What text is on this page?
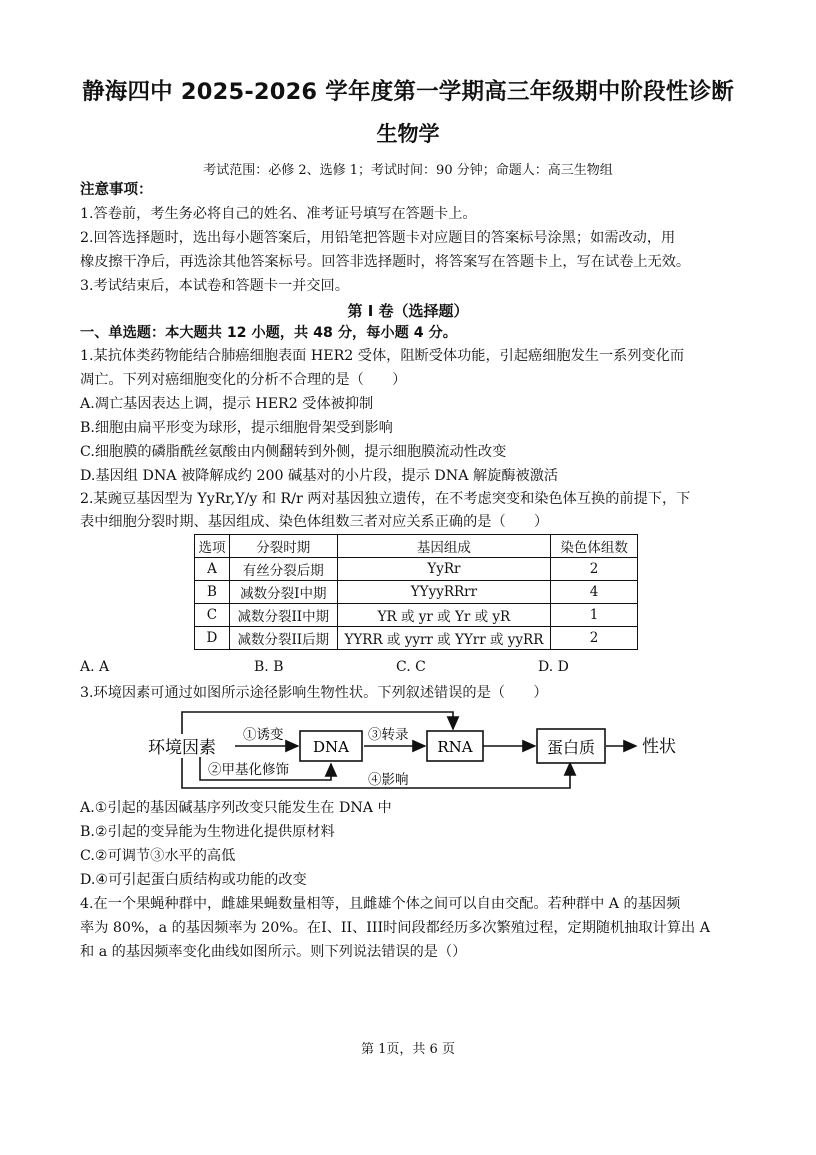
静海四中 2025-2026 学年度第一学期高三年级期中阶段性诊断
生物学
考试范围：必修 2、选修 1；考试时间：90 分钟；命题人：高三生物组
注意事项：
1.答卷前，考生务必将自己的姓名、准考证号填写在答题卡上。
2.回答选择题时，选出每小题答案后，用铅笔把答题卡对应题目的答案标号涂黑；如需改动，用
橡皮擦干净后，再选涂其他答案标号。回答非选择题时，将答案写在答题卡上，写在试卷上无效。
3.考试结束后，本试卷和答题卡一并交回。
第 I 卷（选择题）
一、单选题：本大题共 12 小题，共 48 分，每小题 4 分。
1.某抗体类药物能结合肺癌细胞表面 HER2 受体，阻断受体功能，引起癌细胞发生一系列变化而
凋亡。下列对癌细胞变化的分析不合理的是（　　）
A.凋亡基因表达上调，提示 HER2 受体被抑制
B.细胞由扁平形变为球形，提示细胞骨架受到影响
C.细胞膜的磷脂酰丝氨酸由内侧翻转到外侧，提示细胞膜流动性改变
D.基因组 DNA 被降解成约 200 碱基对的小片段，提示 DNA 解旋酶被激活
2.某豌豆基因型为 YyRr,Y/y 和 R/r 两对基因独立遗传，在不考虑突变和染色体互换的前提下，下
表中细胞分裂时期、基因组成、染色体组数三者对应关系正确的是（　　）
选项	分裂时期	基因组成	染色体组数
A	有丝分裂后期	YyRr	2
B	减数分裂I中期	YYyyRRrr	4
C	减数分裂II中期	YR 或 yr 或 Yr 或 yR	1
D	减数分裂II后期	YYRR 或 yyrr 或 YYrr 或 yyRR	2
A. A	B. B	C. C	D. D
3.环境因素可通过如图所示途径影响生物性状。下列叙述错误的是（　　）
环境因素	DNA	RNA	蛋白质	性状
①诱变	③转录
②甲基化修饰
④影响
A.①引起的基因碱基序列改变只能发生在 DNA 中
B.②引起的变异能为生物进化提供原材料
C.②可调节③水平的高低
D.④可引起蛋白质结构或功能的改变
4.在一个果蝇种群中，雌雄果蝇数量相等，且雌雄个体之间可以自由交配。若种群中 A 的基因频
率为 80%，a 的基因频率为 20%。在I、II、III时间段都经历多次繁殖过程，定期随机抽取计算出 A
和 a 的基因频率变化曲线如图所示。则下列说法错误的是（）
第 1页，共 6 页
